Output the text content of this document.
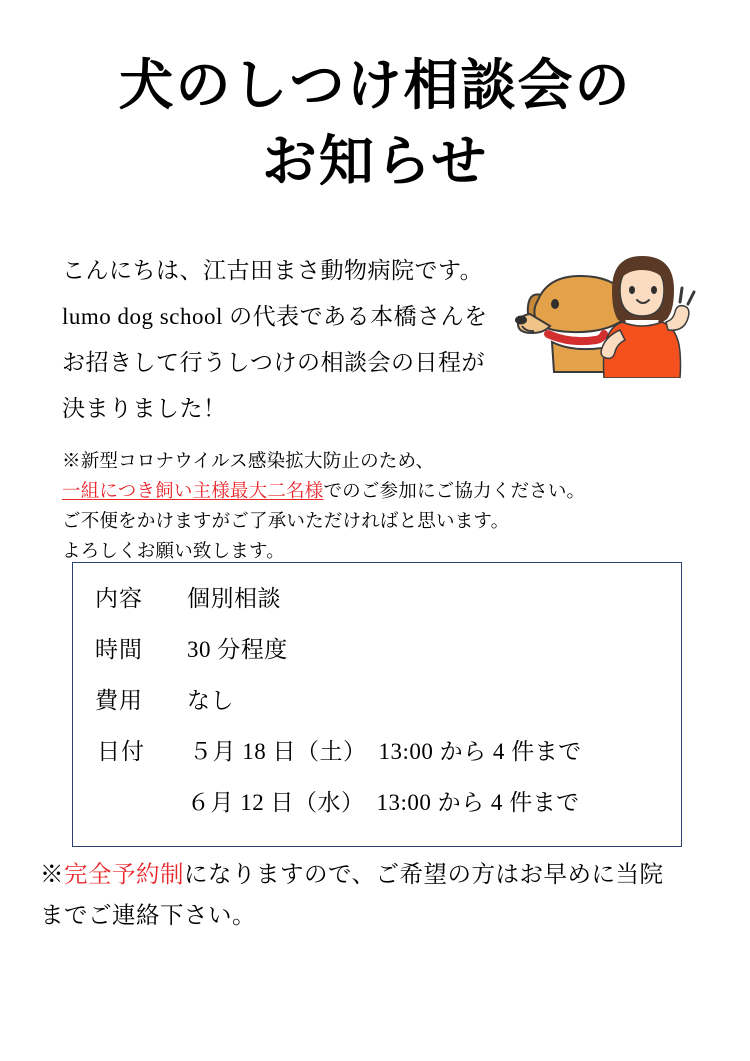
犬のしつけ相談会の
お知らせ
こんにちは、江古田まさ動物病院です。
lumo dog school の代表である本橋さんを
お招きして行うしつけの相談会の日程が
決まりました！
※新型コロナウイルス感染拡大防止のため、
一組につき飼い主様最大二名様でのご参加にご協力ください。
ご不便をかけますがご了承いただければと思います。
よろしくお願い致します。
内容	個別相談
時間	30 分程度
費用	なし
日付	５月 18 日（土）　13:00 から 4 件まで
６月 12 日（水）　13:00 から 4 件まで
※完全予約制になりますので、ご希望の方はお早めに当院
までご連絡下さい。
